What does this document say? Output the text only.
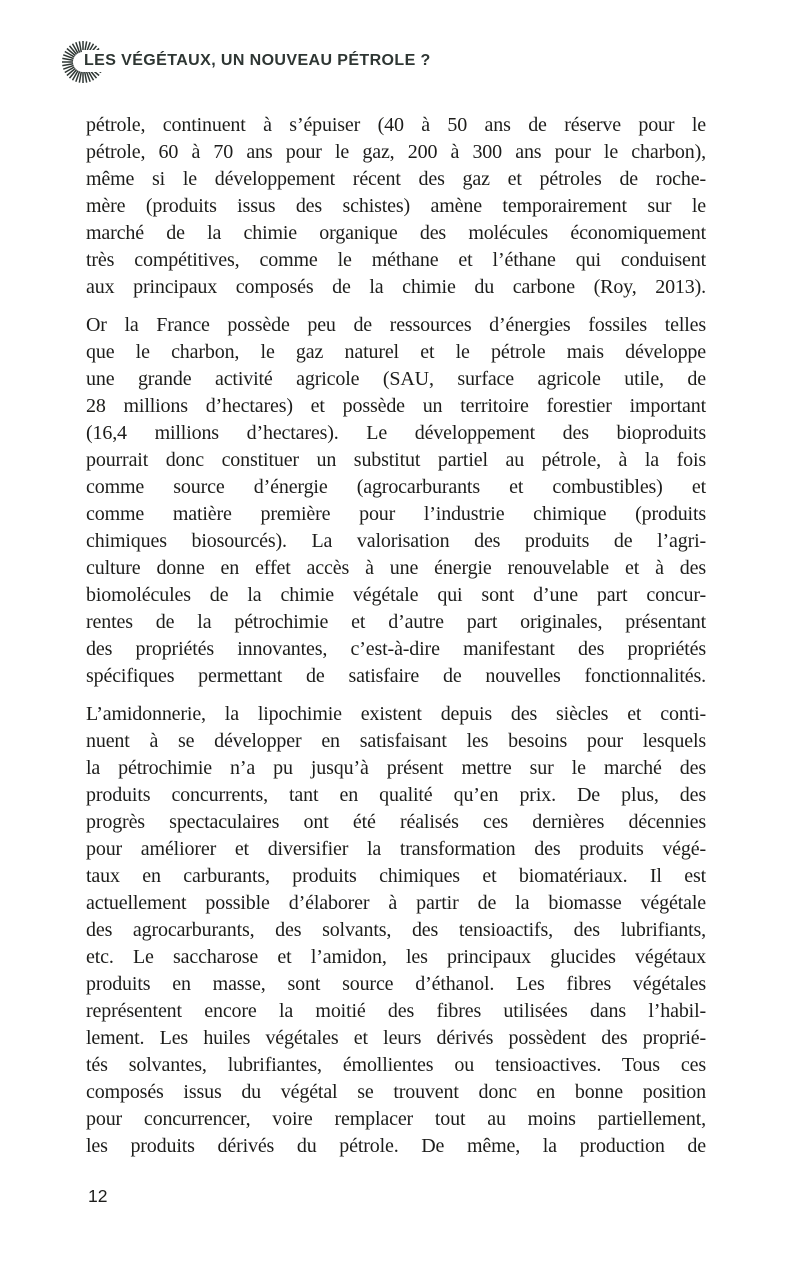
LES VÉGÉTAUX, UN NOUVEAU PÉTROLE ?
pétrole, continuent à s’épuiser (40 à 50 ans de réserve pour le
pétrole, 60 à 70 ans pour le gaz, 200 à 300 ans pour le charbon),
même si le développement récent des gaz et pétroles de roche-
mère (produits issus des schistes) amène temporairement sur le
marché de la chimie organique des molécules économiquement
très compétitives, comme le méthane et l’éthane qui conduisent
aux principaux composés de la chimie du carbone (Roy, 2013).
Or la France possède peu de ressources d’énergies fossiles telles
que le charbon, le gaz naturel et le pétrole mais développe
une grande activité agricole (SAU, surface agricole utile, de
28 millions d’hectares) et possède un territoire forestier important
(16,4 millions d’hectares). Le développement des bioproduits
pourrait donc constituer un substitut partiel au pétrole, à la fois
comme source d’énergie (agrocarburants et combustibles) et
comme matière première pour l’industrie chimique (produits
chimiques biosourcés). La valorisation des produits de l’agri-
culture donne en effet accès à une énergie renouvelable et à des
biomolécules de la chimie végétale qui sont d’une part concur-
rentes de la pétrochimie et d’autre part originales, présentant
des propriétés innovantes, c’est-à-dire manifestant des propriétés
spécifiques permettant de satisfaire de nouvelles fonctionnalités.
L’amidonnerie, la lipochimie existent depuis des siècles et conti-
nuent à se développer en satisfaisant les besoins pour lesquels
la pétrochimie n’a pu jusqu’à présent mettre sur le marché des
produits concurrents, tant en qualité qu’en prix. De plus, des
progrès spectaculaires ont été réalisés ces dernières décennies
pour améliorer et diversifier la transformation des produits végé-
taux en carburants, produits chimiques et biomatériaux. Il est
actuellement possible d’élaborer à partir de la biomasse végétale
des agrocarburants, des solvants, des tensioactifs, des lubrifiants,
etc. Le saccharose et l’amidon, les principaux glucides végétaux
produits en masse, sont source d’éthanol. Les fibres végétales
représentent encore la moitié des fibres utilisées dans l’habil-
lement. Les huiles végétales et leurs dérivés possèdent des proprié-
tés solvantes, lubrifiantes, émollientes ou tensioactives. Tous ces
composés issus du végétal se trouvent donc en bonne position
pour concurrencer, voire remplacer tout au moins partiellement,
les produits dérivés du pétrole. De même, la production de
12
